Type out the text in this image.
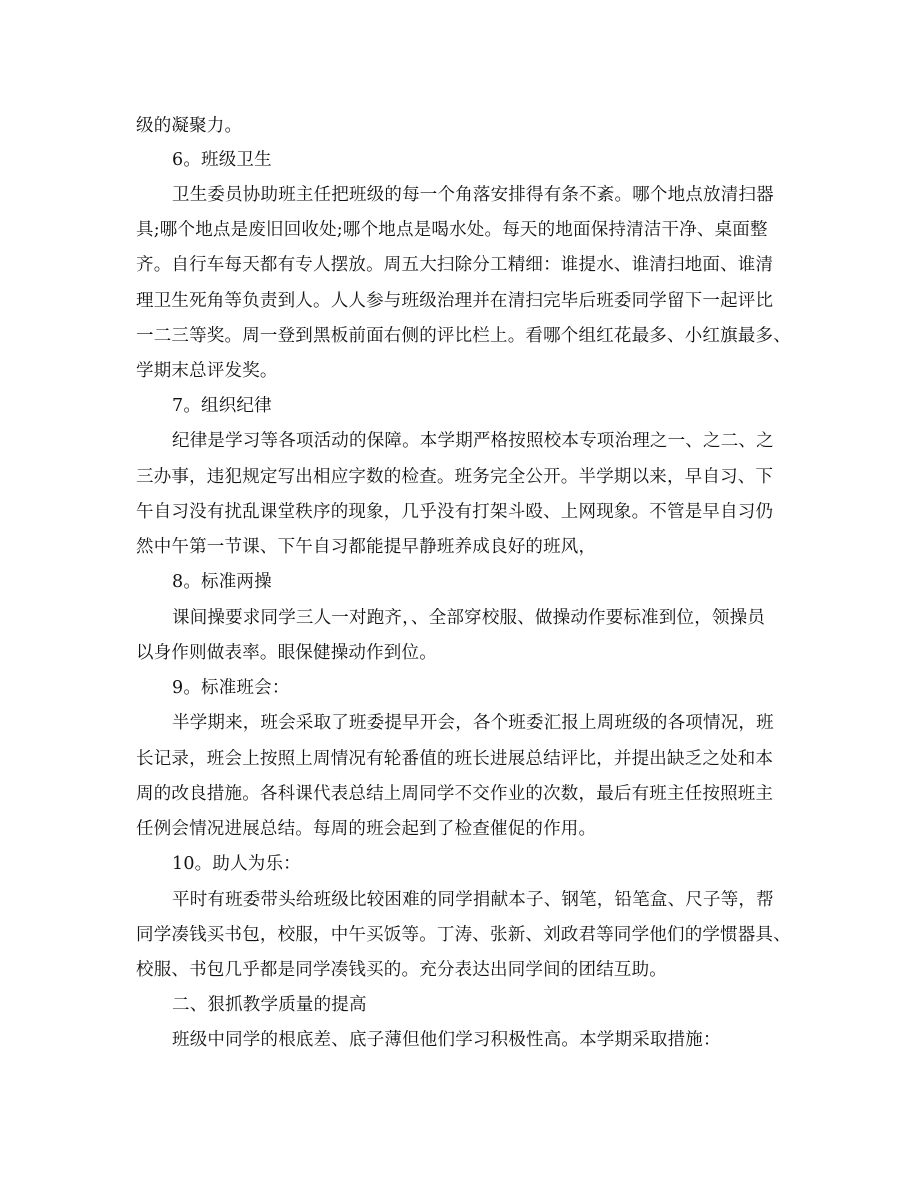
级的凝聚力。
6。班级卫生
卫生委员协助班主任把班级的每一个角落安排得有条不紊。哪个地点放清扫器
具;哪个地点是废旧回收处;哪个地点是喝水处。每天的地面保持清洁干净、桌面整
齐。自行车每天都有专人摆放。周五大扫除分工精细：谁提水、谁清扫地面、谁清
理卫生死角等负责到人。人人参与班级治理并在清扫完毕后班委同学留下一起评比
一二三等奖。周一登到黑板前面右侧的评比栏上。看哪个组红花最多、小红旗最多、
学期末总评发奖。
7。组织纪律
纪律是学习等各项活动的保障。本学期严格按照校本专项治理之一、之二、之
三办事，违犯规定写出相应字数的检查。班务完全公开。半学期以来，早自习、下
午自习没有扰乱课堂秩序的现象，几乎没有打架斗殴、上网现象。不管是早自习仍
然中午第一节课、下午自习都能提早静班养成良好的班风，
8。标准两操
课间操要求同学三人一对跑齐，、全部穿校服、做操动作要标准到位，领操员
以身作则做表率。眼保健操动作到位。
9。标准班会：
半学期来，班会采取了班委提早开会，各个班委汇报上周班级的各项情况，班
长记录，班会上按照上周情况有轮番值的班长进展总结评比，并提出缺乏之处和本
周的改良措施。各科课代表总结上周同学不交作业的次数，最后有班主任按照班主
任例会情况进展总结。每周的班会起到了检查催促的作用。
10。助人为乐：
平时有班委带头给班级比较困难的同学捐献本子、钢笔，铅笔盒、尺子等，帮
同学凑钱买书包，校服，中午买饭等。丁涛、张新、刘政君等同学他们的学惯器具、
校服、书包几乎都是同学凑钱买的。充分表达出同学间的团结互助。
二、狠抓教学质量的提高
班级中同学的根底差、底子薄但他们学习积极性高。本学期采取措施：
